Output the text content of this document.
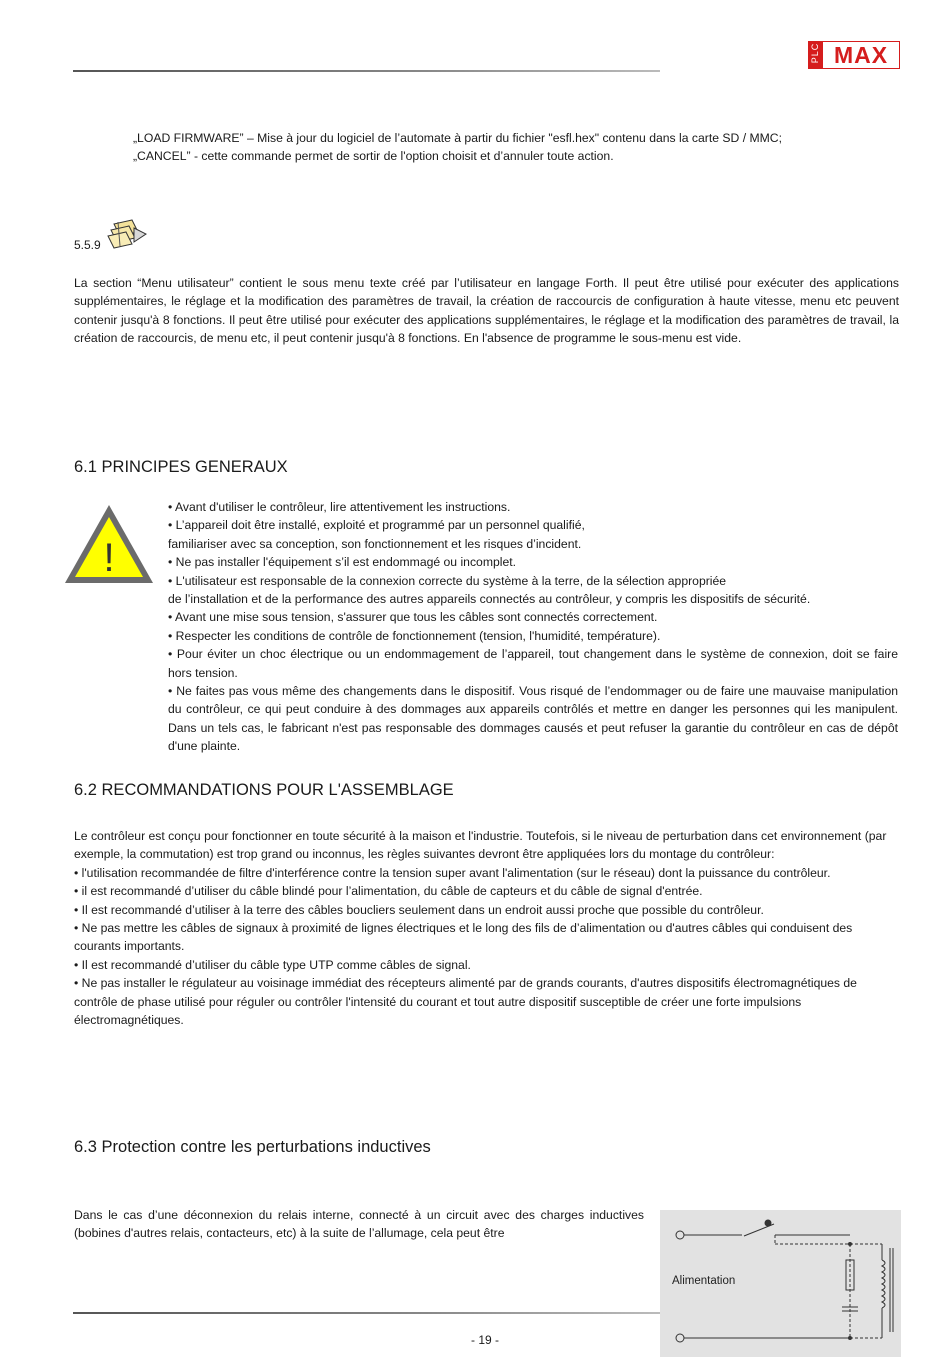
PLC MAX
„LOAD FIRMWARE” – Mise à jour du logiciel de l’automate à partir du fichier "esfl.hex" contenu dans la carte SD / MMC;
„CANCEL” - cette commande permet de sortir de l'option choisit et d’annuler toute action.
5.5.9
La section “Menu utilisateur” contient le sous menu texte créé par l’utilisateur en langage Forth. Il peut être utilisé pour exécuter des applications supplémentaires, le réglage et la modification des paramètres de travail, la création de raccourcis de configuration à haute vitesse, menu etc peuvent contenir jusqu'à 8 fonctions. Il peut être utilisé pour exécuter des applications supplémentaires, le réglage et la modification des paramètres de travail, la création de raccourcis, de menu etc, il peut contenir jusqu'à 8 fonctions. En l'absence de programme le sous-menu est vide.
6.1 PRINCIPES GENERAUX
!
• Avant d'utiliser le contrôleur, lire attentivement les instructions.
• L’appareil doit être installé, exploité et programmé par un personnel qualifié,
familiariser avec sa conception, son fonctionnement et les risques d’incident.
• Ne pas installer l'équipement s’il est endommagé ou incomplet.
• L'utilisateur est responsable de la connexion correcte du système à la terre, de la sélection appropriée
de l’installation et de la performance des autres appareils connectés au contrôleur, y compris les dispositifs de sécurité.
• Avant une mise sous tension, s'assurer que tous les câbles sont connectés correctement.
• Respecter les conditions de contrôle de fonctionnement (tension, l'humidité, température).
• Pour éviter un choc électrique ou un endommagement de l’appareil, tout changement dans le système de connexion, doit se faire hors tension.
• Ne faites pas vous même des changements dans le dispositif. Vous risqué de l’endommager ou de faire une mauvaise manipulation du contrôleur, ce qui peut conduire à des dommages aux appareils contrôlés et mettre en danger les personnes qui les manipulent. Dans un tels cas, le fabricant n'est pas responsable des dommages causés et peut refuser la garantie du contrôleur en cas de dépôt d'une plainte.
6.2 RECOMMANDATIONS POUR L'ASSEMBLAGE
Le contrôleur est conçu pour fonctionner en toute sécurité à la maison et l'industrie. Toutefois, si le niveau de perturbation dans cet environnement (par exemple, la commutation) est trop grand ou inconnus, les règles suivantes devront être appliquées lors du montage du contrôleur:
• l'utilisation recommandée de filtre d'interférence contre la tension super avant l'alimentation (sur le réseau) dont la puissance du contrôleur.
• il est recommandé d’utiliser du câble blindé pour l’alimentation, du câble de capteurs et du câble de signal d'entrée.
• Il est recommandé d’utiliser à la terre des câbles boucliers seulement dans un endroit aussi proche que possible du contrôleur.
• Ne pas mettre les câbles de signaux à proximité de lignes électriques et le long des fils de d’alimentation ou d'autres câbles qui conduisent des courants importants.
• Il est recommandé d’utiliser du câble type UTP comme câbles de signal.
• Ne pas installer le régulateur au voisinage immédiat des récepteurs alimenté par de grands courants, d'autres dispositifs électromagnétiques de contrôle de phase utilisé pour réguler ou contrôler l'intensité du courant et tout autre dispositif susceptible de créer une forte impulsions électromagnétiques.
6.3 Protection contre les perturbations inductives
Dans le cas d’une déconnexion du relais interne, connecté à un circuit avec des charges inductives (bobines d'autres relais, contacteurs, etc) à la suite de l’allumage, cela peut être
Alimentation
- 19 -
